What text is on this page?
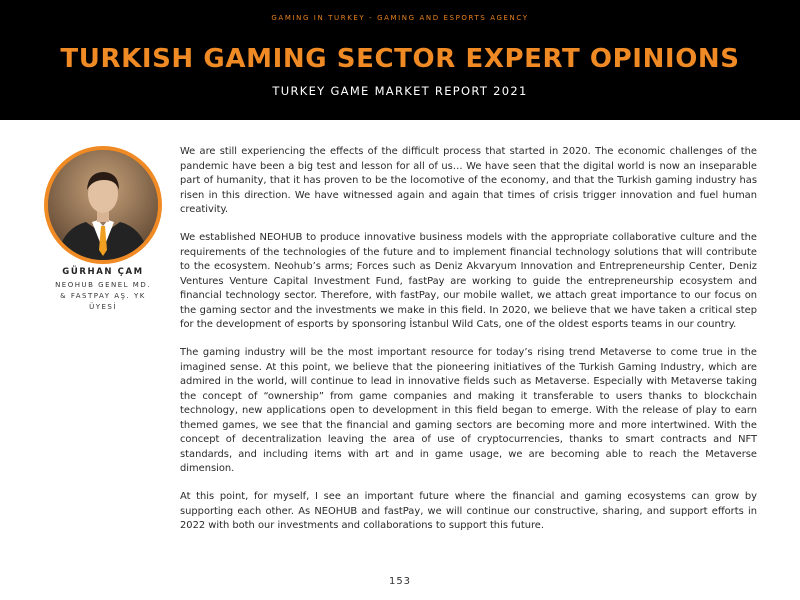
GAMING IN TURKEY - GAMING AND ESPORTS AGENCY
TURKISH GAMING SECTOR EXPERT OPINIONS
TURKEY GAME MARKET REPORT 2021
GÜRHAN ÇAM
NEOHUB GENEL MD.
& FASTPAY AŞ. YK
ÜYESİ

We are still experiencing the effects of the difficult process that started in 2020. The economic challenges of the pandemic have been a big test and lesson for all of us… We have seen that the digital world is now an inseparable part of humanity, that it has proven to be the locomotive of the economy, and that the Turkish gaming industry has risen in this direction. We have witnessed again and again that times of crisis trigger innovation and fuel human creativity.

We established NEOHUB to produce innovative business models with the appropriate collaborative culture and the requirements of the technologies of the future and to implement financial technology solutions that will contribute to the ecosystem. Neohub’s arms; Forces such as Deniz Akvaryum Innovation and Entrepreneurship Center, Deniz Ventures Venture Capital Investment Fund, fastPay are working to guide the entrepreneurship ecosystem and financial technology sector. Therefore, with fastPay, our mobile wallet, we attach great importance to our focus on the gaming sector and the investments we make in this field. In 2020, we believe that we have taken a critical step for the development of esports by sponsoring İstanbul Wild Cats, one of the oldest esports teams in our country.

The gaming industry will be the most important resource for today’s rising trend Metaverse to come true in the imagined sense. At this point, we believe that the pioneering initiatives of the Turkish Gaming Industry, which are admired in the world, will continue to lead in innovative fields such as Metaverse. Especially with Metaverse taking the concept of “ownership” from game companies and making it transferable to users thanks to blockchain technology, new applications open to development in this field began to emerge. With the release of play to earn themed games, we see that the financial and gaming sectors are becoming more and more intertwined. With the concept of decentralization leaving the area of use of cryptocurrencies, thanks to smart contracts and NFT standards, and including items with art and in game usage, we are becoming able to reach the Metaverse dimension.

At this point, for myself, I see an important future where the financial and gaming ecosystems can grow by supporting each other. As NEOHUB and fastPay, we will continue our constructive, sharing, and support efforts in 2022 with both our investments and collaborations to support this future.

153
